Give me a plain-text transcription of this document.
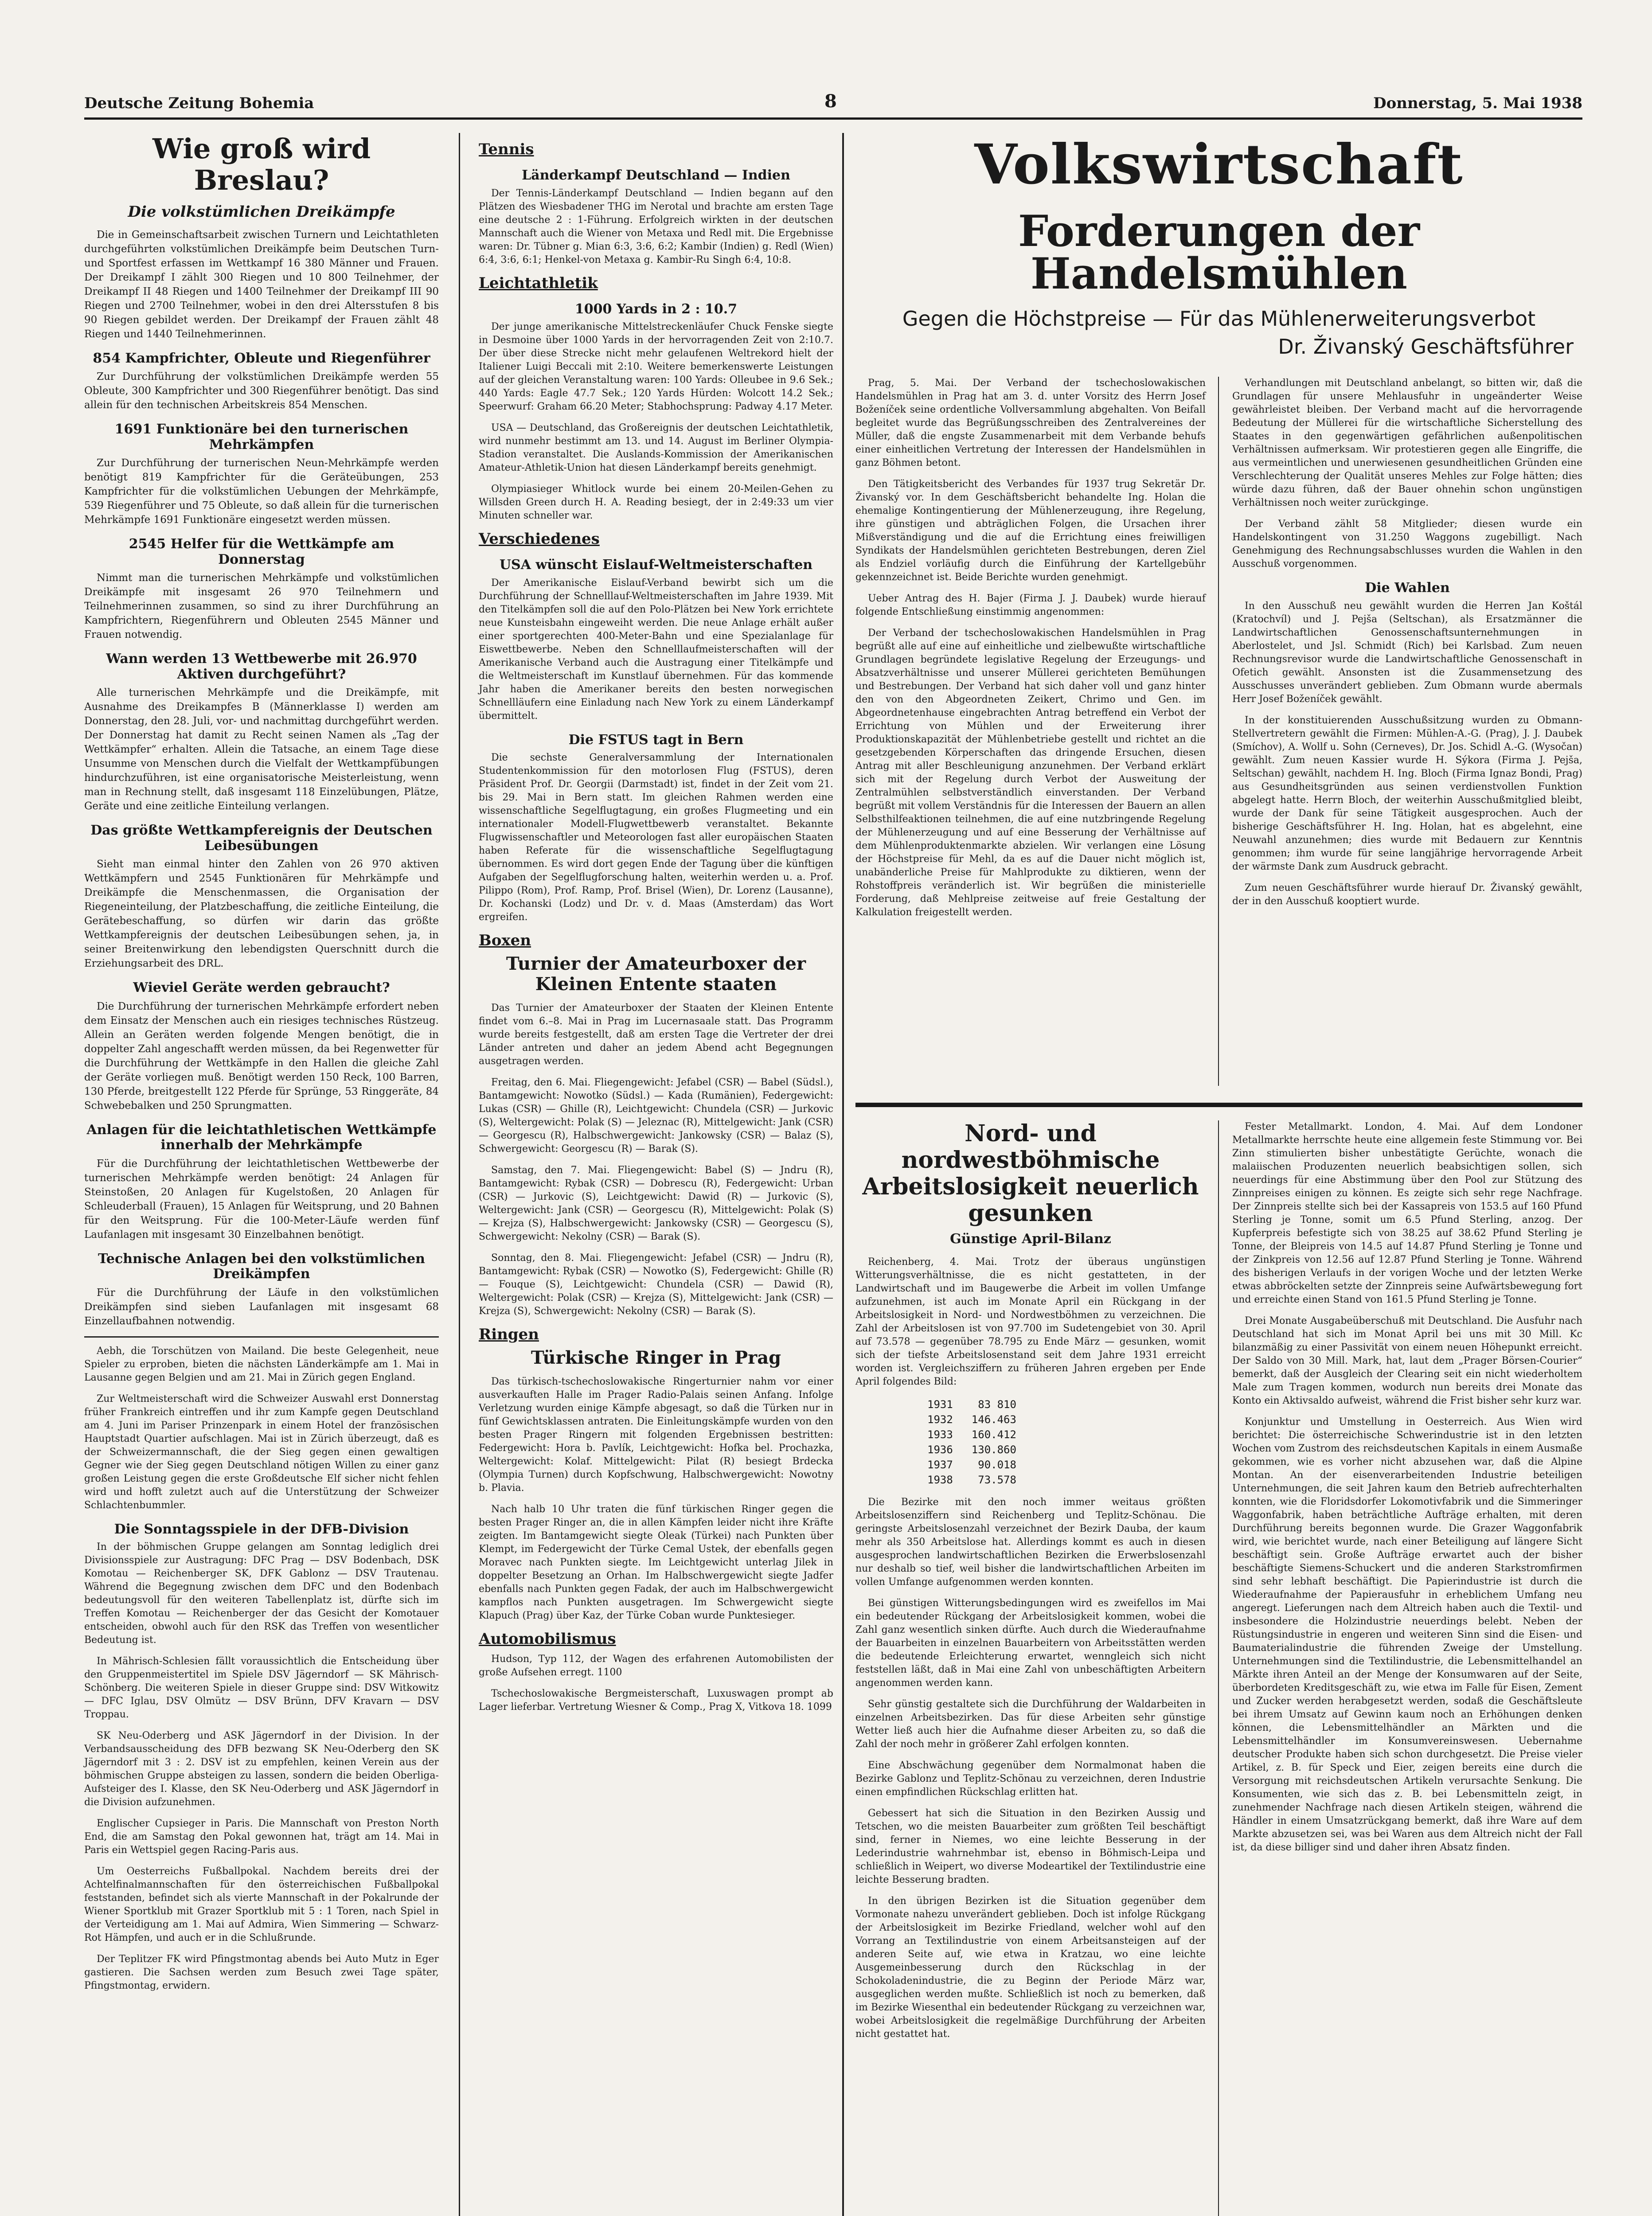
Deutsche Zeitung Bohemia	8	Donnerstag, 5. Mai 1938
Wie groß wird Breslau?
Die volkstümlichen Dreikämpfe

Die in Gemeinschaftsarbeit zwischen Turnern und Leichtathleten durchgeführten volkstümlichen Dreikämpfe beim Deutschen Turn- und Sportfest erfassen im Wettkampf 16 380 Männer und Frauen. Der Dreikampf I zählt 300 Riegen und 10 800 Teilnehmer, der Dreikampf II 48 Riegen und 1400 Teilnehmer der Dreikampf III 90 Riegen und 2700 Teilnehmer, wobei in den drei Altersstufen 8 bis 90 Riegen gebildet werden. Der Dreikampf der Frauen zählt 48 Riegen und 1440 Teilnehmerinnen.

854 Kampfrichter, Obleute und Riegenführer

Zur Durchführung der volkstümlichen Dreikämpfe werden 55 Obleute, 300 Kampfrichter und 300 Riegenführer benötigt. Das sind allein für den technischen Arbeitskreis 854 Menschen.

1691 Funktionäre bei den turnerischen Mehrkämpfen

Zur Durchführung der turnerischen Neun-Mehrkämpfe werden benötigt 819 Kampfrichter für die Geräteübungen, 253 Kampfrichter für die volkstümlichen Uebungen der Mehrkämpfe, 539 Riegenführer und 75 Obleute, so daß allein für die turnerischen Mehrkämpfe 1691 Funktionäre eingesetzt werden müssen.

2545 Helfer für die Wettkämpfe am Donnerstag

Nimmt man die turnerischen Mehrkämpfe und volkstümlichen Dreikämpfe mit insgesamt 26 970 Teilnehmern und Teilnehmerinnen zusammen, so sind zu ihrer Durchführung an Kampfrichtern, Riegenführern und Obleuten 2545 Männer und Frauen notwendig.

Wann werden 13 Wettbewerbe mit 26.970 Aktiven durchgeführt?

Alle turnerischen Mehrkämpfe und die Dreikämpfe, mit Ausnahme des Dreikampfes B (Männerklasse I) werden am Donnerstag, den 28. Juli, vor- und nachmittag durchgeführt werden. Der Donnerstag hat damit zu Recht seinen Namen als „Tag der Wettkämpfer“ erhalten. Allein die Tatsache, an einem Tage diese Unsumme von Menschen durch die Vielfalt der Wettkampfübungen hindurchzuführen, ist eine organisatorische Meisterleistung, wenn man in Rechnung stellt, daß insgesamt 118 Einzelübungen, Plätze, Geräte und eine zeitliche Einteilung verlangen.

Das größte Wettkampfereignis der Deutschen Leibesübungen

Sieht man einmal hinter den Zahlen von 26 970 aktiven Wettkämpfern und 2545 Funktionären für Mehrkämpfe und Dreikämpfe die Menschenmassen, die Organisation der Riegeneinteilung, der Platzbeschaffung, die zeitliche Einteilung, die Gerätebeschaffung, so dürfen wir darin das größte Wettkampfereignis der deutschen Leibesübungen sehen, ja, in seiner Breitenwirkung den lebendigsten Querschnitt durch die Erziehungsarbeit des DRL.

Wieviel Geräte werden gebraucht?

Die Durchführung der turnerischen Mehrkämpfe erfordert neben dem Einsatz der Menschen auch ein riesiges technisches Rüstzeug. Allein an Geräten werden folgende Mengen benötigt, die in doppelter Zahl angeschafft werden müssen, da bei Regenwetter für die Durchführung der Wettkämpfe in den Hallen die gleiche Zahl der Geräte vorliegen muß. Benötigt werden 150 Reck, 100 Barren, 130 Pferde, breitgestellt 122 Pferde für Sprünge, 53 Ringgeräte, 84 Schwebebalken und 250 Sprungmatten.

Anlagen für die leichtathletischen Wettkämpfe innerhalb der Mehrkämpfe

Für die Durchführung der leichtathletischen Wettbewerbe der turnerischen Mehrkämpfe werden benötigt: 24 Anlagen für Steinstoßen, 20 Anlagen für Kugelstoßen, 20 Anlagen für Schleuderball (Frauen), 15 Anlagen für Weitsprung, und 20 Bahnen für den Weitsprung. Für die 100-Meter-Läufe werden fünf Laufanlagen mit insgesamt 30 Einzelbahnen benötigt.

Technische Anlagen bei den volkstümlichen Dreikämpfen

Für die Durchführung der Läufe in den volkstümlichen Dreikämpfen sind sieben Laufanlagen mit insgesamt 68 Einzellaufbahnen notwendig.

Aebh, die Torschützen von Mailand. Die beste Gelegenheit, neue Spieler zu erproben, bieten die nächsten Länderkämpfe am 1. Mai in Lausanne gegen Belgien und am 21. Mai in Zürich gegen England.

Zur Weltmeisterschaft wird die Schweizer Auswahl erst Donnerstag früher Frankreich eintreffen und ihr zum Kampfe gegen Deutschland am 4. Juni im Pariser Prinzenpark in einem Hotel der französischen Hauptstadt Quartier aufschlagen. Mai ist in Zürich überzeugt, daß es der Schweizermannschaft, die der Sieg gegen einen gewaltigen Gegner wie der Sieg gegen Deutschland nötigen Willen zu einer ganz großen Leistung gegen die erste Großdeutsche Elf sicher nicht fehlen wird und hofft zuletzt auch auf die Unterstützung der Schweizer Schlachtenbummler.

Die Sonntagsspiele in der DFB-Division

In der böhmischen Gruppe gelangen am Sonntag lediglich drei Divisionsspiele zur Austragung: DFC Prag — DSV Bodenbach, DSK Komotau — Reichenberger SK, DFK Gablonz — DSV Trautenau. Während die Begegnung zwischen dem DFC und den Bodenbach bedeutungsvoll für den weiteren Tabellenplatz ist, dürfte sich im Treffen Komotau — Reichenberger der das Gesicht der Komotauer entscheiden, obwohl auch für den RSK das Treffen von wesentlicher Bedeutung ist.

In Mährisch-Schlesien fällt voraussichtlich die Entscheidung über den Gruppenmeistertitel im Spiele DSV Jägerndorf — SK Mährisch-Schönberg. Die weiteren Spiele in dieser Gruppe sind: DSV Witkowitz — DFC Iglau, DSV Olmütz — DSV Brünn, DFV Kravarn — DSV Troppau.

SK Neu-Oderberg und ASK Jägerndorf in der Division. In der Verbandsausscheidung des DFB bezwang SK Neu-Oderberg den SK Jägerndorf mit 3 : 2. DSV ist zu empfehlen, keinen Verein aus der böhmischen Gruppe absteigen zu lassen, sondern die beiden Oberliga-Aufsteiger des I. Klasse, den SK Neu-Oderberg und ASK Jägerndorf in die Division aufzunehmen.

Englischer Cupsieger in Paris. Die Mannschaft von Preston North End, die am Samstag den Pokal gewonnen hat, trägt am 14. Mai in Paris ein Wettspiel gegen Racing-Paris aus.

Um Oesterreichs Fußballpokal. Nachdem bereits drei der Achtelfinalmannschaften für den österreichischen Fußballpokal feststanden, befindet sich als vierte Mannschaft in der Pokalrunde der Wiener Sportklub mit Grazer Sportklub mit 5 : 1 Toren, nach Spiel in der Verteidigung am 1. Mai auf Admira, Wien Simmering — Schwarz-Rot Hämpfen, und auch er in die Schlußrunde.

Der Teplitzer FK wird Pfingstmontag abends bei Auto Mutz in Eger gastieren. Die Sachsen werden zum Besuch zwei Tage später, Pfingstmontag, erwidern.

Tennis
Länderkampf Deutschland — Indien

Der Tennis-Länderkampf Deutschland — Indien begann auf den Plätzen des Wiesbadener THG im Nerotal und brachte am ersten Tage eine deutsche 2 : 1-Führung. Erfolgreich wirkten in der deutschen Mannschaft auch die Wiener von Metaxa und Redl mit. Die Ergebnisse waren: Dr. Tübner g. Mian 6:3, 3:6, 6:2; Kambir (Indien) g. Redl (Wien) 6:4, 3:6, 6:1; Henkel-von Metaxa g. Kambir-Ru Singh 6:4, 10:8.

Leichtathletik
1000 Yards in 2 : 10.7

Der junge amerikanische Mittelstreckenläufer Chuck Fenske siegte in Desmoine über 1000 Yards in der hervorragenden Zeit von 2:10.7. Der über diese Strecke nicht mehr gelaufenen Weltrekord hielt der Italiener Luigi Beccali mit 2:10. Weitere bemerkenswerte Leistungen auf der gleichen Veranstaltung waren: 100 Yards: Olleubee in 9.6 Sek.; 440 Yards: Eagle 47.7 Sek.; 120 Yards Hürden: Wolcott 14.2 Sek.; Speerwurf: Graham 66.20 Meter; Stabhochsprung: Padway 4.17 Meter.

USA — Deutschland, das Großereignis der deutschen Leichtathletik, wird nunmehr bestimmt am 13. und 14. August im Berliner Olympia-Stadion veranstaltet. Die Auslands-Kommission der Amerikanischen Amateur-Athletik-Union hat diesen Länderkampf bereits genehmigt.

Olympiasieger Whitlock wurde bei einem 20-Meilen-Gehen zu Willsden Green durch H. A. Reading besiegt, der in 2:49:33 um vier Minuten schneller war.

Verschiedenes
USA wünscht Eislauf-Weltmeisterschaften

Der Amerikanische Eislauf-Verband bewirbt sich um die Durchführung der Schnelllauf-Weltmeisterschaften im Jahre 1939. Mit den Titelkämpfen soll die auf den Polo-Plätzen bei New York errichtete neue Kunsteisbahn eingeweiht werden. Die neue Anlage erhält außer einer sportgerechten 400-Meter-Bahn und eine Spezialanlage für Eiswettbewerbe. Neben den Schnelllaufmeisterschaften will der Amerikanische Verband auch die Austragung einer Titelkämpfe und die Weltmeisterschaft im Kunstlauf übernehmen. Für das kommende Jahr haben die Amerikaner bereits den besten norwegischen Schnellläufern eine Einladung nach New York zu einem Länderkampf übermittelt.

Die FSTUS tagt in Bern

Die sechste Generalversammlung der Internationalen Studentenkommission für den motorlosen Flug (FSTUS), deren Präsident Prof. Dr. Georgii (Darmstadt) ist, findet in der Zeit vom 21. bis 29. Mai in Bern statt. Im gleichen Rahmen werden eine wissenschaftliche Segelflugtagung, ein großes Flugmeeting und ein internationaler Modell-Flugwettbewerb veranstaltet. Bekannte Flugwissenschaftler und Meteorologen fast aller europäischen Staaten haben Referate für die wissenschaftliche Segelflugtagung übernommen. Es wird dort gegen Ende der Tagung über die künftigen Aufgaben der Segelflugforschung halten, weiterhin werden u. a. Prof. Pilippo (Rom), Prof. Ramp, Prof. Brisel (Wien), Dr. Lorenz (Lausanne), Dr. Kochanski (Lodz) und Dr. v. d. Maas (Amsterdam) das Wort ergreifen.

Boxen
Turnier der Amateurboxer der Kleinen Entente staaten

Das Turnier der Amateurboxer der Staaten der Kleinen Entente findet vom 6.–8. Mai in Prag im Lucernasaale statt. Das Programm wurde bereits festgestellt, daß am ersten Tage die Vertreter der drei Länder antreten und daher an jedem Abend acht Begegnungen ausgetragen werden.

Freitag, den 6. Mai. Fliegengewicht: Jefabel (CSR) — Babel (Südsl.), Bantamgewicht: Nowotko (Südsl.) — Kada (Rumänien), Federgewicht: Lukas (CSR) — Ghille (R), Leichtgewicht: Chundela (CSR) — Jurkovic (S), Weltergewicht: Polak (S) — Jeleznac (R), Mittelgewicht: Jank (CSR) — Georgescu (R), Halbschwergewicht: Jankowsky (CSR) — Balaz (S), Schwergewicht: Georgescu (R) — Barak (S).

Samstag, den 7. Mai. Fliegengewicht: Babel (S) — Jndru (R), Bantamgewicht: Rybak (CSR) — Dobrescu (R), Federgewicht: Urban (CSR) — Jurkovic (S), Leichtgewicht: Dawid (R) — Jurkovic (S), Weltergewicht: Jank (CSR) — Georgescu (R), Mittelgewicht: Polak (S) — Krejza (S), Halbschwergewicht: Jankowsky (CSR) — Georgescu (S), Schwergewicht: Nekolny (CSR) — Barak (S).

Sonntag, den 8. Mai. Fliegengewicht: Jefabel (CSR) — Jndru (R), Bantamgewicht: Rybak (CSR) — Nowotko (S), Federgewicht: Ghille (R) — Fouque (S), Leichtgewicht: Chundela (CSR) — Dawid (R), Weltergewicht: Polak (CSR) — Krejza (S), Mittelgewicht: Jank (CSR) — Krejza (S), Schwergewicht: Nekolny (CSR) — Barak (S).

Ringen
Türkische Ringer in Prag

Das türkisch-tschechoslowakische Ringerturnier nahm vor einer ausverkauften Halle im Prager Radio-Palais seinen Anfang. Infolge Verletzung wurden einige Kämpfe abgesagt, so daß die Türken nur in fünf Gewichtsklassen antraten. Die Einleitungskämpfe wurden von den besten Prager Ringern mit folgenden Ergebnissen bestritten: Federgewicht: Hora b. Pavlík, Leichtgewicht: Hofka bel. Prochazka, Weltergewicht: Kolaf. Mittelgewicht: Pilat (R) besiegt Brdecka (Olympia Turnen) durch Kopfschwung, Halbschwergewicht: Nowotny b. Plavia.

Nach halb 10 Uhr traten die fünf türkischen Ringer gegen die besten Prager Ringer an, die in allen Kämpfen leider nicht ihre Kräfte zeigten. Im Bantamgewicht siegte Oleak (Türkei) nach Punkten über Klempt, im Federgewicht der Türke Cemal Ustek, der ebenfalls gegen Moravec nach Punkten siegte. Im Leichtgewicht unterlag Jilek in doppelter Besetzung an Orhan. Im Halbschwergewicht siegte Jadfer ebenfalls nach Punkten gegen Fadak, der auch im Halbschwergewicht kampflos nach Punkten ausgetragen. Im Schwergewicht siegte Klapuch (Prag) über Kaz, der Türke Coban wurde Punktesieger.

Automobilismus

Hudson, Typ 112, der Wagen des erfahrenen Automobilisten der große Aufsehen erregt. 1100

Tschechoslowakische Bergmeisterschaft, Luxuswagen prompt ab Lager lieferbar. Vertretung Wiesner & Comp., Prag X, Vitkova 18. 1099

Volkswirtschaft
Forderungen der Handelsmühlen
Gegen die Höchstpreise — Für das Mühlenerweiterungsverbot
Dr. Živanský Geschäftsführer

Prag, 5. Mai. Der Verband der tschechoslowakischen Handelsmühlen in Prag hat am 3. d. unter Vorsitz des Herrn Josef Boženíček seine ordentliche Vollversammlung abgehalten. Von Beifall begleitet wurde das Begrüßungsschreiben des Zentralvereines der Müller, daß die engste Zusammenarbeit mit dem Verbande behufs einer einheitlichen Vertretung der Interessen der Handelsmühlen in ganz Böhmen betont.

Den Tätigkeitsbericht des Verbandes für 1937 trug Sekretär Dr. Živanský vor. In dem Geschäftsbericht behandelte Ing. Holan die ehemalige Kontingentierung der Mühlenerzeugung, ihre Regelung, ihre günstigen und abträglichen Folgen, die Ursachen ihrer Mißverständigung und die auf die Errichtung eines freiwilligen Syndikats der Handelsmühlen gerichteten Bestrebungen, deren Ziel als Endziel vorläufig durch die Einführung der Kartellgebühr gekennzeichnet ist. Beide Berichte wurden genehmigt.

Ueber Antrag des H. Bajer (Firma J. J. Daubek) wurde hierauf folgende Entschließung einstimmig angenommen:

Der Verband der tschechoslowakischen Handelsmühlen in Prag begrüßt alle auf eine auf einheitliche und zielbewußte wirtschaftliche Grundlagen begründete legislative Regelung der Erzeugungs- und Absatzverhältnisse und unserer Müllerei gerichteten Bemühungen und Bestrebungen. Der Verband hat sich daher voll und ganz hinter den von den Abgeordneten Zeikert, Chrimo und Gen. im Abgeordnetenhause eingebrachten Antrag betreffend ein Verbot der Errichtung von Mühlen und der Erweiterung ihrer Produktionskapazität der Mühlenbetriebe gestellt und richtet an die gesetzgebenden Körperschaften das dringende Ersuchen, diesen Antrag mit aller Beschleunigung anzunehmen. Der Verband erklärt sich mit der Regelung durch Verbot der Ausweitung der Zentralmühlen selbstverständlich einverstanden. Der Verband begrüßt mit vollem Verständnis für die Interessen der Bauern an allen Selbsthilfeaktionen teilnehmen, die auf eine nutzbringende Regelung der Mühlenerzeugung und auf eine Besserung der Verhältnisse auf dem Mühlenproduktenmarkte abzielen. Wir verlangen eine Lösung der Höchstpreise für Mehl, da es auf die Dauer nicht möglich ist, unabänderliche Preise für Mahlprodukte zu diktieren, wenn der Rohstoffpreis veränderlich ist. Wir begrüßen die ministerielle Forderung, daß Mehlpreise zeitweise auf freie Gestaltung der Kalkulation freigestellt werden.

Verhandlungen mit Deutschland anbelangt, so bitten wir, daß die Grundlagen für unsere Mehlausfuhr in ungeänderter Weise gewährleistet bleiben. Der Verband macht auf die hervorragende Bedeutung der Müllerei für die wirtschaftliche Sicherstellung des Staates in den gegenwärtigen gefährlichen außenpolitischen Verhältnissen aufmerksam. Wir protestieren gegen alle Eingriffe, die aus vermeintlichen und unerwiesenen gesundheitlichen Gründen eine Verschlechterung der Qualität unseres Mehles zur Folge hätten; dies würde dazu führen, daß der Bauer ohnehin schon ungünstigen Verhältnissen noch weiter zurückginge.

Der Verband zählt 58 Mitglieder; diesen wurde ein Handelskontingent von 31.250 Waggons zugebilligt. Nach Genehmigung des Rechnungsabschlusses wurden die Wahlen in den Ausschuß vorgenommen.

Die Wahlen

In den Ausschuß neu gewählt wurden die Herren Jan Koštál (Kratochvíl) und J. Pejša (Seltschan), als Ersatzmänner die Landwirtschaftlichen Genossenschaftsunternehmungen in Aberlostelet, und Jsl. Schmidt (Rich) bei Karlsbad. Zum neuen Rechnungsrevisor wurde die Landwirtschaftliche Genossenschaft in Ofetich gewählt. Ansonsten ist die Zusammensetzung des Ausschusses unverändert geblieben. Zum Obmann wurde abermals Herr Josef Boženíček gewählt.

In der konstituierenden Ausschußsitzung wurden zu Obmann-Stellvertretern gewählt die Firmen: Mühlen-A.-G. (Prag), J. J. Daubek (Smíchov), A. Wollf u. Sohn (Cerneves), Dr. Jos. Schidl A.-G. (Wysočan) gewählt. Zum neuen Kassier wurde H. Sýkora (Firma J. Pejša, Seltschan) gewählt, nachdem H. Ing. Bloch (Firma Ignaz Bondi, Prag) aus Gesundheitsgründen aus seinen verdienstvollen Funktion abgelegt hatte. Herrn Bloch, der weiterhin Ausschußmitglied bleibt, wurde der Dank für seine Tätigkeit ausgesprochen. Auch der bisherige Geschäftsführer H. Ing. Holan, hat es abgelehnt, eine Neuwahl anzunehmen; dies wurde mit Bedauern zur Kenntnis genommen; ihm wurde für seine langjährige hervorragende Arbeit der wärmste Dank zum Ausdruck gebracht.

Zum neuen Geschäftsführer wurde hierauf Dr. Živanský gewählt, der in den Ausschuß kooptiert wurde.

Nord- und nordwestböhmische Arbeitslosigkeit neuerlich gesunken
Günstige April-Bilanz

Reichenberg, 4. Mai. Trotz der überaus ungünstigen Witterungsverhältnisse, die es nicht gestatteten, in der Landwirtschaft und im Baugewerbe die Arbeit im vollen Umfange aufzunehmen, ist auch im Monate April ein Rückgang in der Arbeitslosigkeit in Nord- und Nordwestböhmen zu verzeichnen. Die Zahl der Arbeitslosen ist von 97.700 im Sudetengebiet von 30. April auf 73.578 — gegenüber 78.795 zu Ende März — gesunken, womit sich der tiefste Arbeitslosenstand seit dem Jahre 1931 erreicht worden ist. Vergleichsziffern zu früheren Jahren ergeben per Ende April folgendes Bild:

1931	83 810
1932	146.463
1933	160.412
1936	130.860
1937	90.018
1938	73.578

Die Bezirke mit den noch immer weitaus größten Arbeitslosenziffern sind Reichenberg und Teplitz-Schönau. Die geringste Arbeitslosenzahl verzeichnet der Bezirk Dauba, der kaum mehr als 350 Arbeitslose hat. Allerdings kommt es auch in diesen ausgesprochen landwirtschaftlichen Bezirken die Erwerbslosenzahl nur deshalb so tief, weil bisher die landwirtschaftlichen Arbeiten im vollen Umfange aufgenommen werden konnten.

Bei günstigen Witterungsbedingungen wird es zweifellos im Mai ein bedeutender Rückgang der Arbeitslosigkeit kommen, wobei die Zahl ganz wesentlich sinken dürfte. Auch durch die Wiederaufnahme der Bauarbeiten in einzelnen Bauarbeitern von Arbeitsstätten werden die bedeutende Erleichterung erwartet, wenngleich sich nicht feststellen läßt, daß in Mai eine Zahl von unbeschäftigten Arbeitern angenommen werden kann.

Sehr günstig gestaltete sich die Durchführung der Waldarbeiten in einzelnen Arbeitsbezirken. Das für diese Arbeiten sehr günstige Wetter ließ auch hier die Aufnahme dieser Arbeiten zu, so daß die Zahl der noch mehr in größerer Zahl erfolgen konnten.

Eine Abschwächung gegenüber dem Normalmonat haben die Bezirke Gablonz und Teplitz-Schönau zu verzeichnen, deren Industrie einen empfindlichen Rückschlag erlitten hat.

Gebessert hat sich die Situation in den Bezirken Aussig und Tetschen, wo die meisten Bauarbeiter zum größten Teil beschäftigt sind, ferner in Niemes, wo eine leichte Besserung in der Lederindustrie wahrnehmbar ist, ebenso in Böhmisch-Leipa und schließlich in Weipert, wo diverse Modeartikel der Textilindustrie eine leichte Besserung bradten.

In den übrigen Bezirken ist die Situation gegenüber dem Vormonate nahezu unverändert geblieben. Doch ist infolge Rückgang der Arbeitslosigkeit im Bezirke Friedland, welcher wohl auf den Vorrang an Textilindustrie von einem Arbeitsansteigen auf der anderen Seite auf, wie etwa in Kratzau, wo eine leichte Ausgemeinbesserung durch den Rückschlag in der Schokoladenindustrie, die zu Beginn der Periode März war, ausgeglichen werden mußte. Schließlich ist noch zu bemerken, daß im Bezirke Wiesenthal ein bedeutender Rückgang zu verzeichnen war, wobei Arbeitslosigkeit die regelmäßige Durchführung der Arbeiten nicht gestattet hat.

Fester Metallmarkt. London, 4. Mai. Auf dem Londoner Metallmarkte herrschte heute eine allgemein feste Stimmung vor. Bei Zinn stimulierten bisher unbestätigte Gerüchte, wonach die malaiischen Produzenten neuerlich beabsichtigen sollen, sich neuerdings für eine Abstimmung über den Pool zur Stützung des Zinnpreises einigen zu können. Es zeigte sich sehr rege Nachfrage. Der Zinnpreis stellte sich bei der Kassapreis von 153.5 auf 160 Pfund Sterling je Tonne, somit um 6.5 Pfund Sterling, anzog. Der Kupferpreis befestigte sich von 38.25 auf 38.62 Pfund Sterling je Tonne, der Bleipreis von 14.5 auf 14.87 Pfund Sterling je Tonne und der Zinkpreis von 12.56 auf 12.87 Pfund Sterling je Tonne. Während des bisherigen Verlaufs in der vorigen Woche und der letzten Werke etwas abbröckelten setzte der Zinnpreis seine Aufwärtsbewegung fort und erreichte einen Stand von 161.5 Pfund Sterling je Tonne.

Drei Monate Ausgabeüberschuß mit Deutschland. Die Ausfuhr nach Deutschland hat sich im Monat April bei uns mit 30 Mill. Kc bilanzmäßig zu einer Passivität von einem neuen Höhepunkt erreicht. Der Saldo von 30 Mill. Mark, hat, laut dem „Prager Börsen-Courier“ bemerkt, daß der Ausgleich der Clearing seit ein nicht wiederholtem Male zum Tragen kommen, wodurch nun bereits drei Monate das Konto ein Aktivsaldo aufweist, während die Frist bisher sehr kurz war.

Konjunktur und Umstellung in Oesterreich. Aus Wien wird berichtet: Die österreichische Schwerindustrie ist in den letzten Wochen vom Zustrom des reichsdeutschen Kapitals in einem Ausmaße gekommen, wie es vorher nicht abzusehen war, daß die Alpine Montan. An der eisenverarbeitenden Industrie beteiligen Unternehmungen, die seit Jahren kaum den Betrieb aufrechterhalten konnten, wie die Floridsdorfer Lokomotivfabrik und die Simmeringer Waggonfabrik, haben beträchtliche Aufträge erhalten, mit deren Durchführung bereits begonnen wurde. Die Grazer Waggonfabrik wird, wie berichtet wurde, nach einer Beteiligung auf längere Sicht beschäftigt sein. Große Aufträge erwartet auch der bisher beschäftigte Siemens-Schuckert und die anderen Starkstromfirmen sind sehr lebhaft beschäftigt. Die Papierindustrie ist durch die Wiederaufnahme der Papierausfuhr in erheblichem Umfang neu angeregt. Lieferungen nach dem Altreich haben auch die Textil- und insbesondere die Holzindustrie neuerdings belebt. Neben der Rüstungsindustrie in engeren und weiteren Sinn sind die Eisen- und Baumaterialindustrie die führenden Zweige der Umstellung. Unternehmungen sind die Textilindustrie, die Lebensmittelhandel an Märkte ihren Anteil an der Menge der Konsumwaren auf der Seite, überbordeten Kreditsgeschäft zu, wie etwa im Falle für Eisen, Zement und Zucker werden herabgesetzt werden, sodaß die Geschäftsleute bei ihrem Umsatz auf Gewinn kaum noch an Erhöhungen denken können, die Lebensmittelhändler an Märkten und die Lebensmittelhändler im Konsumvereinswesen. Uebernahme deutscher Produkte haben sich schon durchgesetzt. Die Preise vieler Artikel, z. B. für Speck und Eier, zeigen bereits eine durch die Versorgung mit reichsdeutschen Artikeln verursachte Senkung. Die Konsumenten, wie sich das z. B. bei Lebensmitteln zeigt, in zunehmender Nachfrage nach diesen Artikeln steigen, während die Händler in einem Umsatzrückgang bemerkt, daß ihre Ware auf dem Markte abzusetzen sei, was bei Waren aus dem Altreich nicht der Fall ist, da diese billiger sind und daher ihren Absatz finden.
